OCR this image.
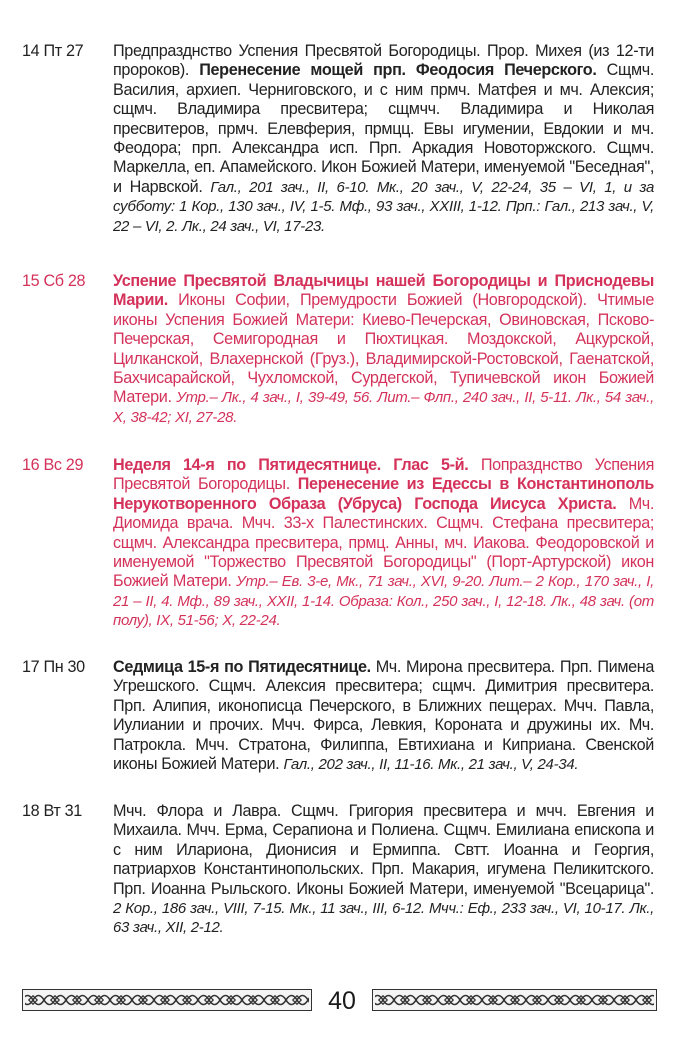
14 Пт 27	Предпразднство Успения Пресвятой Богородицы. Прор. Михея (из 12-ти пророков). Перенесение мощей прп. Феодосия Печерского. Сщмч. Василия, архиеп. Черниговского, и с ним прмч. Матфея и мч. Алексия; сщмч. Владимира пресвитера; сщмчч. Владимира и Николая пресвитеров, прмч. Елевферия, прмцц. Евы игумении, Евдокии и мч. Феодора; прп. Александра исп. Прп. Аркадия Новоторжского. Сщмч. Маркелла, еп. Апамейского. Икон Божией Матери, именуемой "Беседная", и Нарвской. Гал., 201 зач., II, 6-10. Мк., 20 зач., V, 22-24, 35 – VI, 1, и за субботу: 1 Кор., 130 зач., IV, 1-5. Мф., 93 зач., XXIII, 1-12. Прп.: Гал., 213 зач., V, 22 – VI, 2. Лк., 24 зач., VI, 17-23.
15 Сб 28	Успение Пресвятой Владычицы нашей Богородицы и Приснодевы Марии. Иконы Софии, Премудрости Божией (Новгородской). Чтимые иконы Успения Божией Матери: Киево-Печерская, Овиновская, Псково-Печерская, Семигородная и Пюхтицкая. Моздокской, Ацкурской, Цилканской, Влахернской (Груз.), Владимирской-Ростовской, Гаенатской, Бахчисарайской, Чухломской, Сурдегской, Тупичевской икон Божией Матери. Утр.– Лк., 4 зач., I, 39-49, 56. Лит.– Флп., 240 зач., II, 5-11. Лк., 54 зач., X, 38-42; XI, 27-28.
16 Вс 29	Неделя 14-я по Пятидесятнице. Глас 5-й. Попразднство Успения Пресвятой Богородицы. Перенесение из Едессы в Константинополь Нерукотворенного Образа (Убруса) Господа Иисуса Христа. Мч. Диомида врача. Мчч. 33-х Палестинских. Сщмч. Стефана пресвитера; сщмч. Александра пресвитера, прмц. Анны, мч. Иакова. Феодоровской и именуемой "Торжество Пресвятой Богородицы" (Порт-Артурской) икон Божией Матери. Утр.– Ев. 3-е, Мк., 71 зач., XVI, 9-20. Лит.– 2 Кор., 170 зач., I, 21 – II, 4. Мф., 89 зач., XXII, 1-14. Образа: Кол., 250 зач., I, 12-18. Лк., 48 зач. (от полу), IX, 51-56; X, 22-24.
17 Пн 30	Седмица 15-я по Пятидесятнице. Мч. Мирона пресвитера. Прп. Пимена Угрешского. Сщмч. Алексия пресвитера; сщмч. Димитрия пресвитера. Прп. Алипия, иконописца Печерского, в Ближних пещерах. Мчч. Павла, Иулиании и прочих. Мчч. Фирса, Левкия, Короната и дружины их. Мч. Патрокла. Мчч. Стратона, Филиппа, Евтихиана и Киприана. Свенской иконы Божией Матери. Гал., 202 зач., II, 11-16. Мк., 21 зач., V, 24-34.
18 Вт 31	Мчч. Флора и Лавра. Сщмч. Григория пресвитера и мчч. Евгения и Михаила. Мчч. Ерма, Серапиона и Полиена. Сщмч. Емилиана епископа и с ним Илариона, Дионисия и Ермиппа. Свтт. Иоанна и Георгия, патриархов Константинопольских. Прп. Макария, игумена Пеликитского. Прп. Иоанна Рыльского. Иконы Божией Матери, именуемой "Всецарица". 2 Кор., 186 зач., VIII, 7-15. Мк., 11 зач., III, 6-12. Мчч.: Еф., 233 зач., VI, 10-17. Лк., 63 зач., XII, 2-12.
40
